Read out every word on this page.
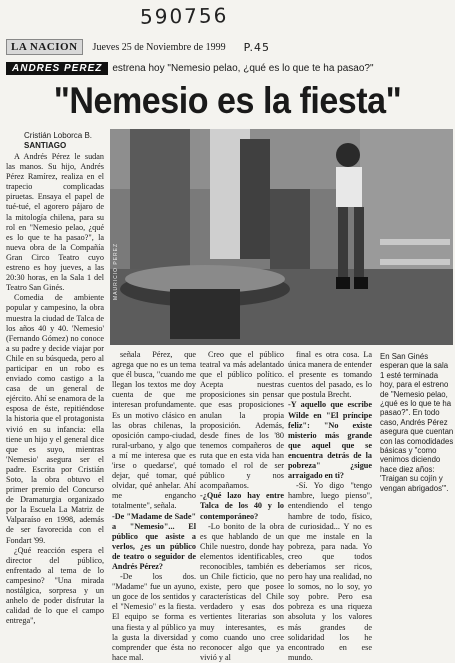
590756
LA NACION	Jueves 25 de Noviembre de 1999 P.45
ANDRES PEREZ	estrena hoy "Nemesio pelao, ¿qué es lo que te ha pasao?"
"Nemesio es la fiesta"
Cristián Loborca B.
SANTIAGO

A Andrés Pérez le sudan las manos. Su hijo, Andrés Pérez Ramírez, realiza en el trapecio complicadas piruetas. Ensaya el papel de tué-tué, el agorero pájaro de la mitología chilena, para su rol en "Nemesio pelao, ¿qué es lo que te ha pasao?", la nueva obra de la Compañía Gran Circo Teatro cuyo estreno es hoy jueves, a las 20:30 horas, en la Sala 1 del Teatro San Ginés.

Comedia de ambiente popular y campesino, la obra muestra la ciudad de Talca de los años 40 y 40. 'Nemesio' (Fernando Gómez) no conoce a su padre y decide viajar por Chile en su búsqueda, pero al participar en un robo es enviado como castigo a la casa de un general de ejército. Ahí se enamora de la esposa de éste, repitiéndose la historia que el protagonista vivió en su infancia: ella tiene un hijo y el general dice que es suyo, mientras 'Nemesio' asegura ser el padre. Escrita por Cristián Soto, la obra obtuvo el primer premio del Concurso de Dramaturgia organizado por la Escuela La Matriz de Valparaíso en 1998, además de ser favorecida con el Fondart '99.

¿Qué reacción espera el director del público, enfrentado al tema de lo campesino? "Una mirada nostálgica, sorpresa y un anhelo de poder disfrutar la calidad de lo que el campo entrega",

MAURICIO PEREZ

señala Pérez, que agrega que no es un tema que él busca, "cuando me llegan los textos me doy cuenta de que me interesan profundamente. Es un motivo clásico en las obras chilenas, la oposición campo-ciudad, rural-urbano, y algo que a mí me interesa que es 'irse o quedarse', qué dejar, qué tomar, qué olvidar, qué anhelar. Ahí me engancho totalmente", señala.

-De "Madame de Sade" a "Nemesio"... El público que asiste a verlos, ¿es un público de teatro o seguidor de Andrés Pérez?

-De los dos. "Madame" fue un ayuno, un goce de los sentidos y el "Nemesio" es la fiesta. El equipo se forma es una fiesta y al público ya la gusta la diversidad y comprender que ésta no hace mal.

Creo que el público teatral va más adelantado que el público político. Acepta nuestras proposiciones sin pensar que esas proposiciones anulan la propia proposición. Además, desde fines de los '80 tenemos compañeros de ruta que en esta vida han tomado el rol de ser público y nos acompañamos.

-¿Qué lazo hay entre Talca de los 40 y lo contemporáneo?

-Lo bonito de la obra es que hablando de un Chile nuestro, donde hay elementos identificables, reconocibles, también es un Chile ficticio, que no existe, pero que posee características del Chile verdadero y esas dos vertientes literarias son muy interesantes, es como cuando uno cree reconocer algo que ya vivió y al

final es otra cosa. La única manera de entender el presente es tomando cuentos del pasado, es lo que postula Brecht.

-Y aquello que escribe Wilde en "El príncipe feliz": "No existe misterio más grande que aquel que se encuentra detrás de la pobreza" ¿sigue arraigado en ti?

-Sí. Yo digo "tengo hambre, luego pienso", entendiendo el tengo hambre de todo, físico, de curiosidad... Y no es que me instale en la pobreza, para nada. Yo creo que todos deberíamos ser ricos, pero hay una realidad, no lo somos, no lo soy, yo soy pobre. Pero esa pobreza es una riqueza absoluta y los valores más grandes de solidaridad los he encontrado en ese mundo.

En San Ginés esperan que la sala 1 esté terminada hoy, para el estreno de "Nemesio pelao, ¿qué es lo que te ha pasao?". En todo caso, Andrés Pérez asegura que cuentan con las comodidades básicas y "como venimos diciendo hace diez años: 'Traigan su cojín y vengan abrigados'".
